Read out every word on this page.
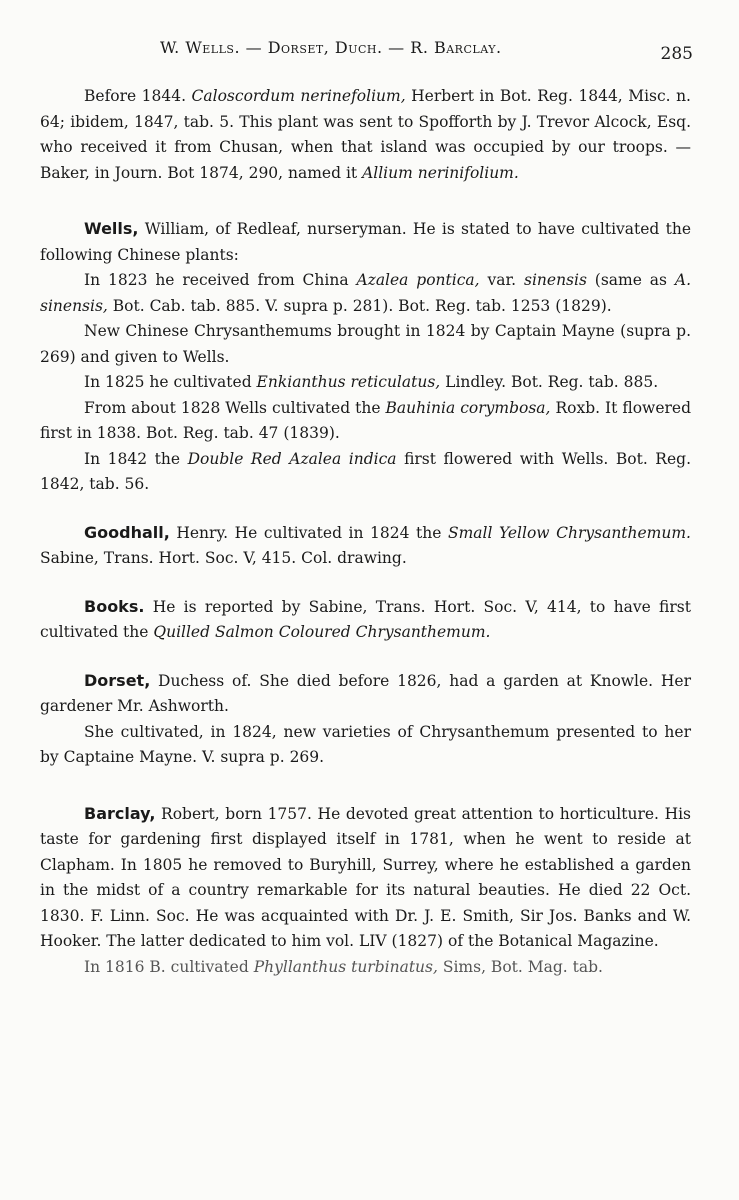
W. Wells. — Dorset, Duch. — R. Barclay.	285

Before 1844. Caloscordum nerinefolium, Herbert in Bot. Reg. 1844, Misc. n. 64; ibidem, 1847, tab. 5. This plant was sent to Spofforth by J. Trevor Alcock, Esq. who received it from Chusan, when that island was occupied by our troops. — Baker, in Journ. Bot 1874, 290, named it Allium nerinifolium.

Wells, William, of Redleaf, nurseryman. He is stated to have cultivated the following Chinese plants:

In 1823 he received from China Azalea pontica, var. sinensis (same as A. sinensis, Bot. Cab. tab. 885. V. supra p. 281). Bot. Reg. tab. 1253 (1829).

New Chinese Chrysanthemums brought in 1824 by Captain Mayne (supra p. 269) and given to Wells.

In 1825 he cultivated Enkianthus reticulatus, Lindley. Bot. Reg. tab. 885.

From about 1828 Wells cultivated the Bauhinia corymbosa, Roxb. It flowered first in 1838. Bot. Reg. tab. 47 (1839).

In 1842 the Double Red Azalea indica first flowered with Wells. Bot. Reg. 1842, tab. 56.

Goodhall, Henry. He cultivated in 1824 the Small Yellow Chrysanthemum. Sabine, Trans. Hort. Soc. V, 415. Col. drawing.

Books. He is reported by Sabine, Trans. Hort. Soc. V, 414, to have first cultivated the Quilled Salmon Coloured Chrysanthemum.

Dorset, Duchess of. She died before 1826, had a garden at Knowle. Her gardener Mr. Ashworth.

She cultivated, in 1824, new varieties of Chrysanthemum presented to her by Captaine Mayne. V. supra p. 269.

Barclay, Robert, born 1757. He devoted great attention to horticulture. His taste for gardening first displayed itself in 1781, when he went to reside at Clapham. In 1805 he removed to Buryhill, Surrey, where he established a garden in the midst of a country remarkable for its natural beauties. He died 22 Oct. 1830. F. Linn. Soc. He was acquainted with Dr. J. E. Smith, Sir Jos. Banks and W. Hooker. The latter dedicated to him vol. LIV (1827) of the Botanical Magazine.

In 1816 B. cultivated Phyllanthus turbinatus, Sims, Bot. Mag. tab.
